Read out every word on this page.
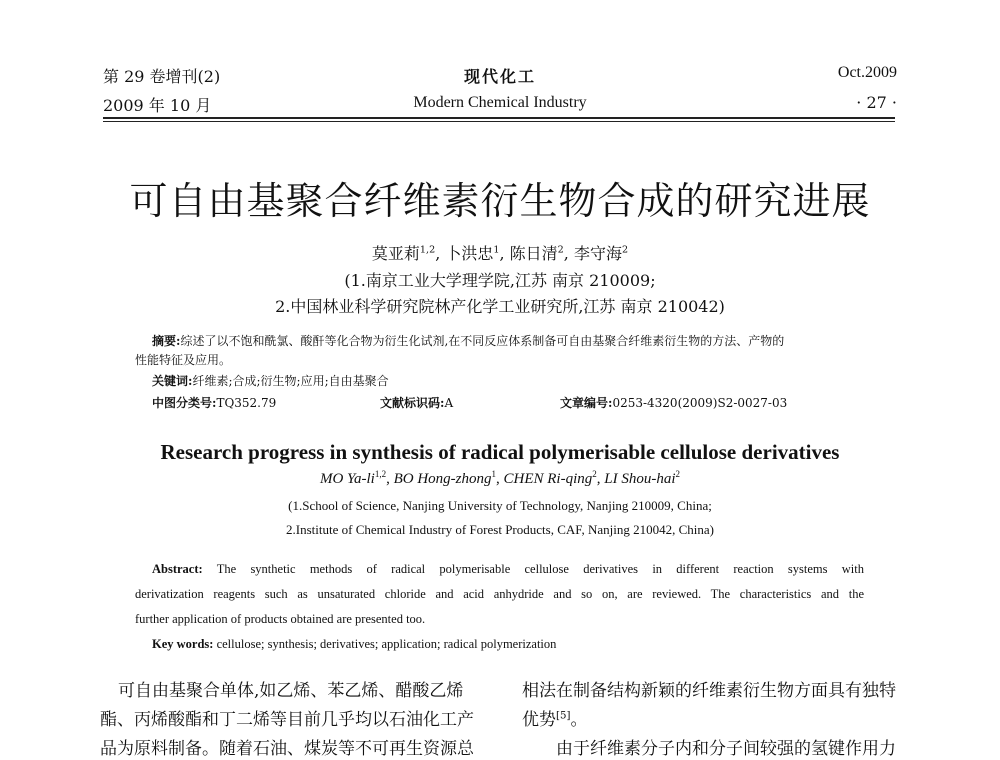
第 29 卷增刊(2)
2009 年 10 月
现代化工
Modern Chemical Industry
Oct.2009
· 27 ·
可自由基聚合纤维素衍生物合成的研究进展
莫亚莉$^{1,2}$, 卜洪忠$^1$, 陈日清$^2$, 李守海$^2$
(1.南京工业大学理学院,江苏 南京 210009;
2.中国林业科学研究院林产化学工业研究所,江苏 南京 210042)
摘要:综述了以不饱和酰氯、酸酐等化合物为衍生化试剂,在不同反应体系制备可自由基聚合纤维素衍生物的方法、产物的
性能特征及应用。
关键词:纤维素;合成;衍生物;应用;自由基聚合
中图分类号:TQ352.79	文献标识码:A	文章编号:0253-4320(2009)S2-0027-03
Research progress in synthesis of radical polymerisable cellulose derivatives
MO Ya-li$^{1,2}$, BO Hong-zhong$^1$, CHEN Ri-qing$^2$, LI Shou-hai$^2$
(1.School of Science, Nanjing University of Technology, Nanjing 210009, China;
2.Institute of Chemical Industry of Forest Products, CAF, Nanjing 210042, China)
Abstract: The synthetic methods of radical polymerisable cellulose derivatives in different reaction systems with
derivatization reagents such as unsaturated chloride and acid anhydride and so on, are reviewed. The characteristics and the
further application of products obtained are presented too.
Key words: cellulose; synthesis; derivatives; application; radical polymerization
可自由基聚合单体,如乙烯、苯乙烯、醋酸乙烯
酯、丙烯酸酯和丁二烯等目前几乎均以石油化工产
品为原料制备。随着石油、煤炭等不可再生资源总
相法在制备结构新颖的纤维素衍生物方面具有独特
优势[5]。
由于纤维素分子内和分子间较强的氢键作用力
